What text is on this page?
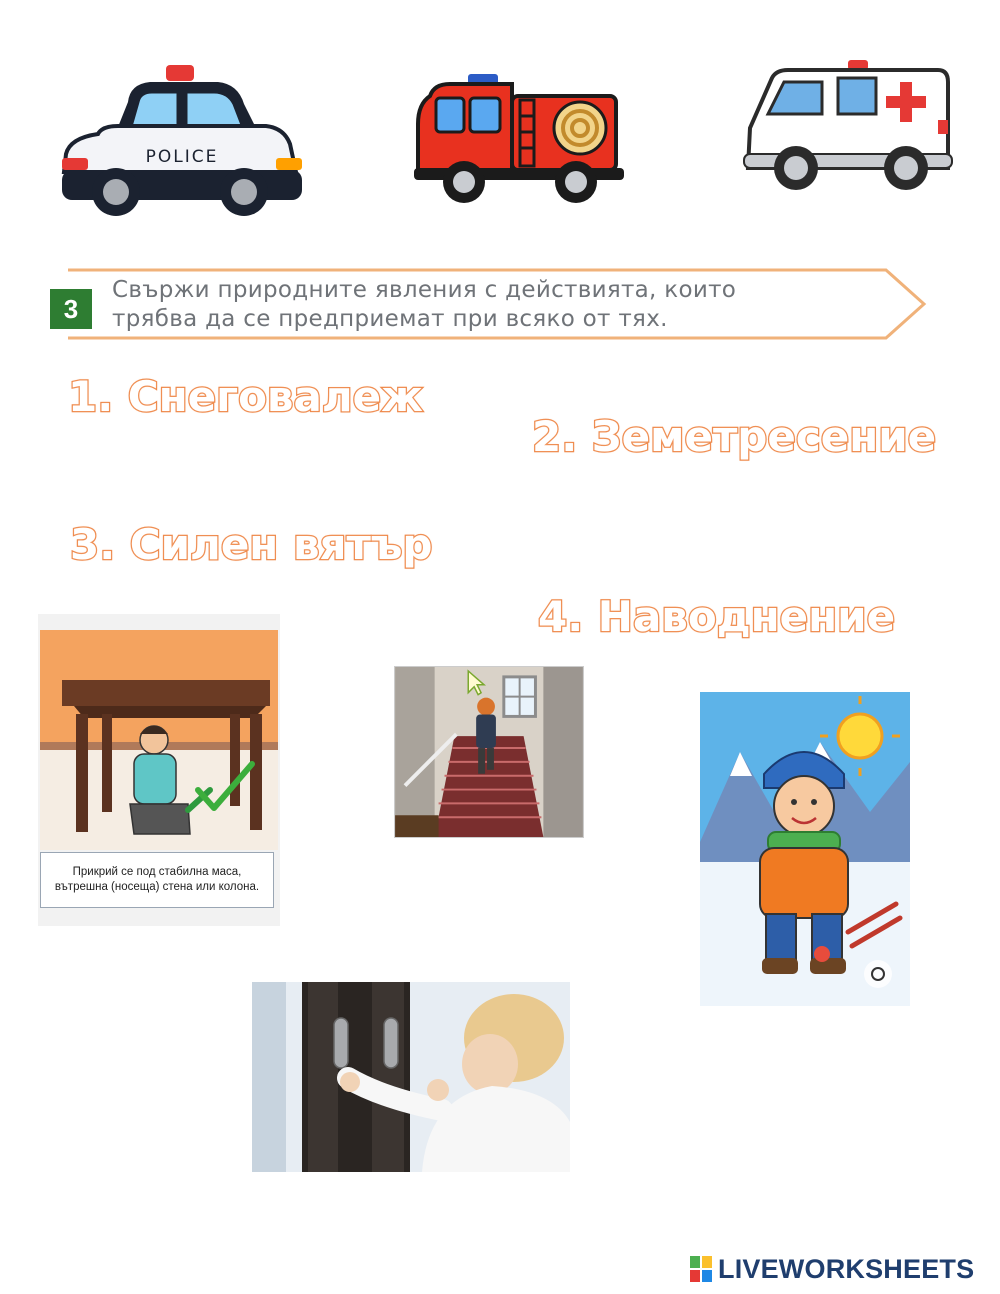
POLICE
3
Свържи природните явления с действията, които
трябва да се предприемат при всяко от тях.

1. Снеговалеж

2. Земетресение

3. Силен вятър

4. Наводнение

Прикрий се под стабилна маса, вътрешна (носеща) стена или колона.
LIVEWORKSHEETS
